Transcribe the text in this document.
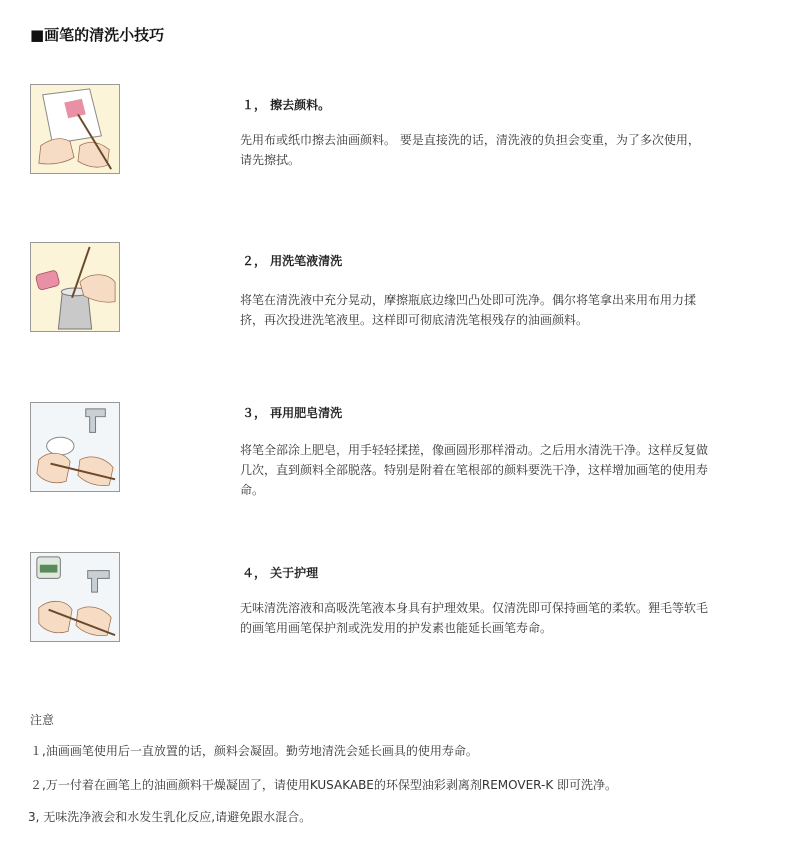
■画笔的清洗小技巧
１， 擦去颜料。
先用布或纸巾擦去油画颜料。 要是直接洗的话，清洗液的负担会变重，为了多次使用，请先擦拭。
２， 用洗笔液清洗
将笔在清洗液中充分晃动，摩擦瓶底边缘凹凸处即可洗净。偶尔将笔拿出来用布用力揉挤，再次投进洗笔液里。这样即可彻底清洗笔根残存的油画颜料。
３， 再用肥皂清洗
将笔全部涂上肥皂，用手轻轻揉搓，像画圆形那样滑动。之后用水清洗干净。这样反复做几次，直到颜料全部脱落。特别是附着在笔根部的颜料要洗干净，这样增加画笔的使用寿命。
４， 关于护理
无味清洗溶液和高吸洗笔液本身具有护理效果。仅清洗即可保持画笔的柔软。狸毛等软毛的画笔用画笔保护剂或洗发用的护发素也能延长画笔寿命。
注意
１,油画画笔使用后一直放置的话，颜料会凝固。勤劳地清洗会延长画具的使用寿命。
２,万一付着在画笔上的油画颜料干燥凝固了，请使用KUSAKABE的环保型油彩剥离剂REMOVER-K 即可洗净。
3, 无味洗净液会和水发生乳化反应,请避免跟水混合。
